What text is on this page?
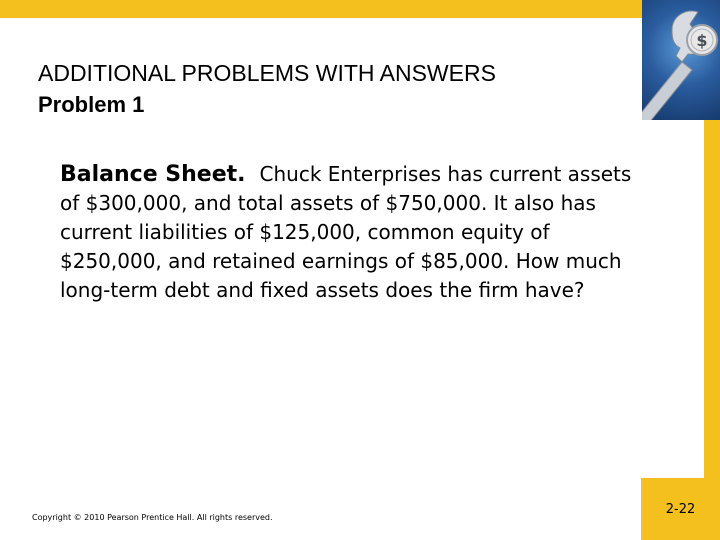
$
ADDITIONAL PROBLEMS WITH ANSWERS
Problem 1
Balance Sheet. Chuck Enterprises has current assets of $300,000, and total assets of $750,000. It also has current liabilities of $125,000, common equity of $250,000, and retained earnings of $85,000. How much long-term debt and fixed assets does the firm have?
Copyright © 2010 Pearson Prentice Hall. All rights reserved.
2-22
